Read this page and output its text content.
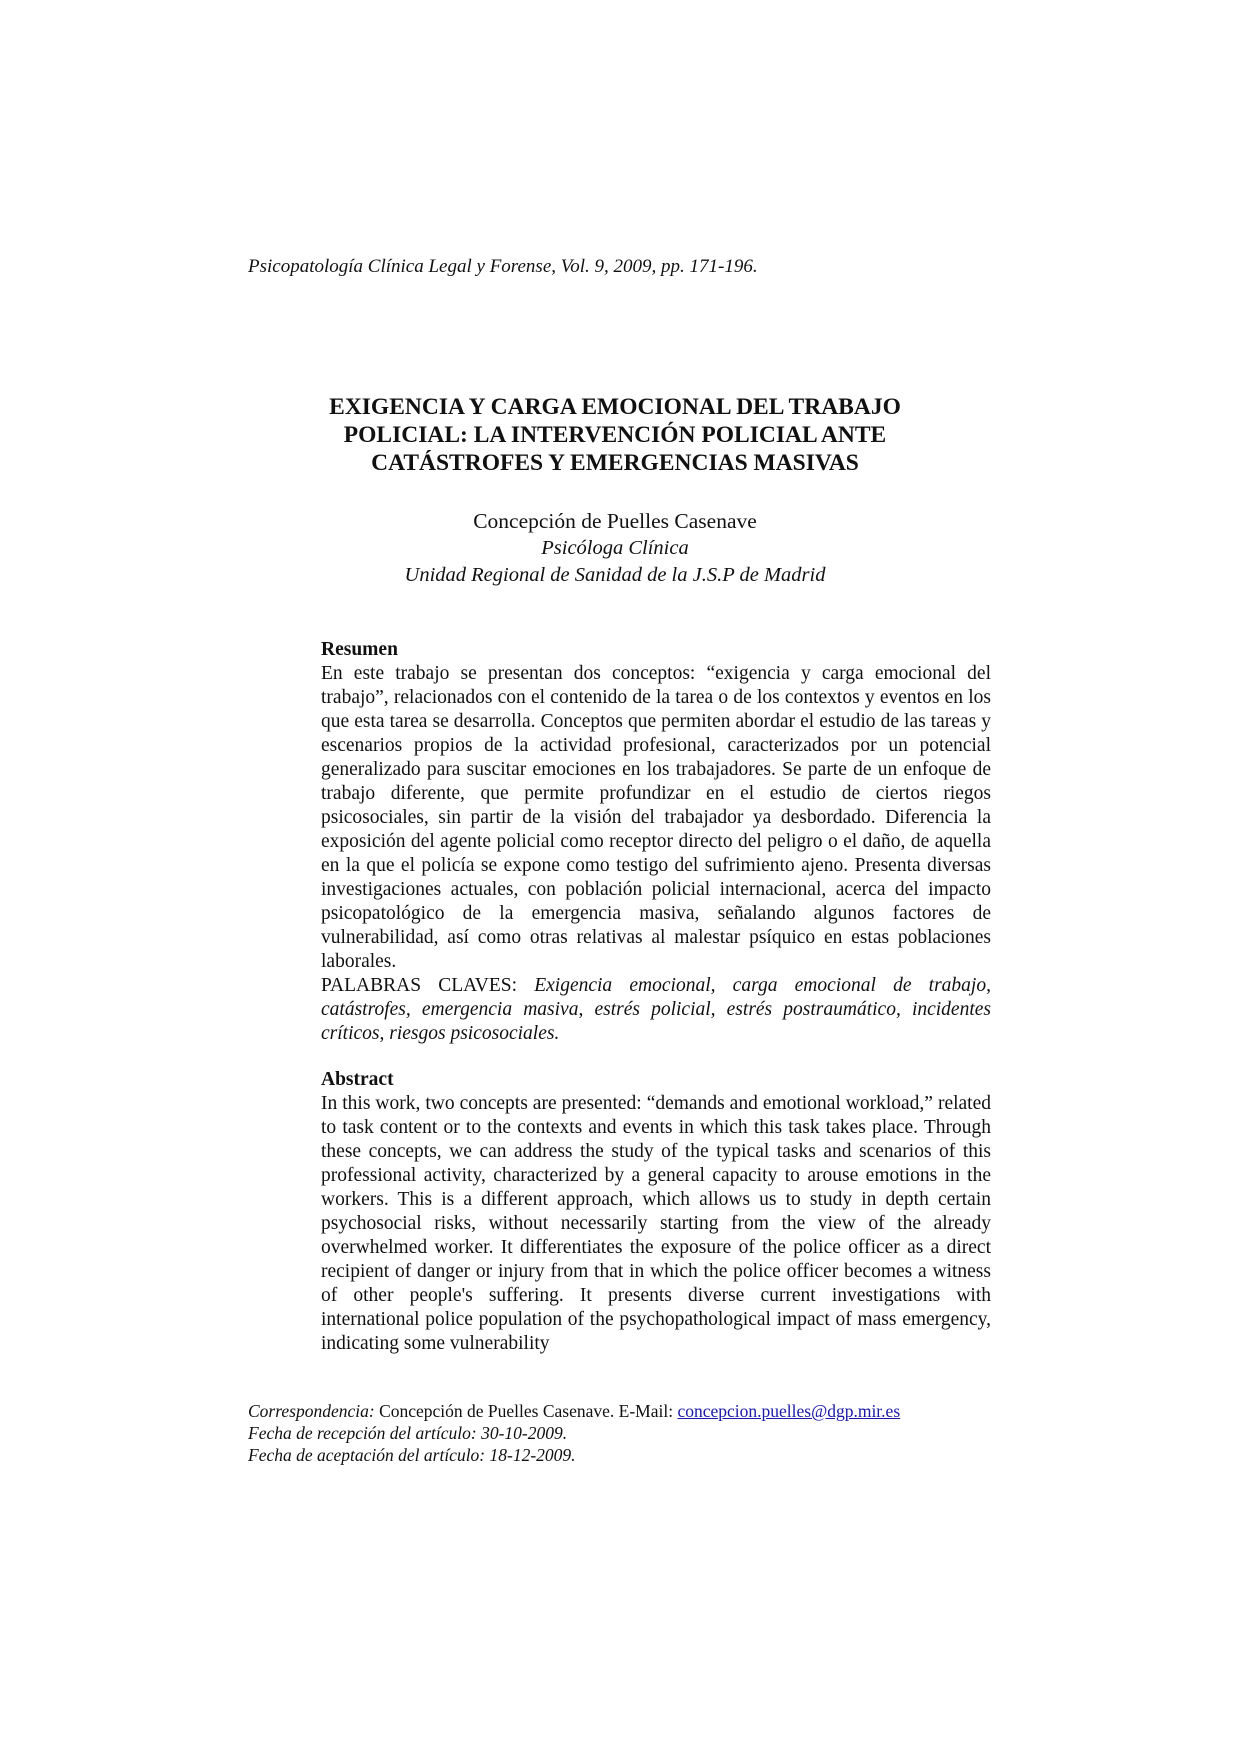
Psicopatología Clínica Legal y Forense, Vol. 9, 2009, pp. 171-196.
EXIGENCIA Y CARGA EMOCIONAL DEL TRABAJO
POLICIAL: LA INTERVENCIÓN POLICIAL ANTE
CATÁSTROFES Y EMERGENCIAS MASIVAS
Concepción de Puelles Casenave
Psicóloga Clínica
Unidad Regional de Sanidad de la J.S.P de Madrid
Resumen

En este trabajo se presentan dos conceptos: “exigencia y carga emocional del trabajo”, relacionados con el contenido de la tarea o de los contextos y eventos en los que esta tarea se desarrolla. Conceptos que permiten abordar el estudio de las tareas y escenarios propios de la actividad profesional, caracterizados por un potencial generalizado para suscitar emociones en los trabajadores. Se parte de un enfoque de trabajo diferente, que permite profundizar en el estudio de ciertos riegos psicosociales, sin partir de la visión del trabajador ya desbordado. Diferencia la exposición del agente policial como receptor directo del peligro o el daño, de aquella en la que el policía se expone como testigo del sufrimiento ajeno. Presenta diversas investigaciones actuales, con población policial internacional, acerca del impacto psicopatológico de la emergencia masiva, señalando algunos factores de vulnerabilidad, así como otras relativas al malestar psíquico en estas poblaciones laborales.

PALABRAS CLAVES: Exigencia emocional, carga emocional de trabajo, catástrofes, emergencia masiva, estrés policial, estrés postraumático, incidentes críticos, riesgos psicosociales.

Abstract

In this work, two concepts are presented: “demands and emotional workload,” related to task content or to the contexts and events in which this task takes place. Through these concepts, we can address the study of the typical tasks and scenarios of this professional activity, characterized by a general capacity to arouse emotions in the workers. This is a different approach, which allows us to study in depth certain psychosocial risks, without necessarily starting from the view of the already overwhelmed worker. It differentiates the exposure of the police officer as a direct recipient of danger or injury from that in which the police officer becomes a witness of other people's suffering. It presents diverse current investigations with international police population of the psychopathological impact of mass emergency, indicating some vulnerability

Correspondencia: Concepción de Puelles Casenave. E-Mail: concepcion.puelles@dgp.mir.es
Fecha de recepción del artículo: 30-10-2009.
Fecha de aceptación del artículo: 18-12-2009.
